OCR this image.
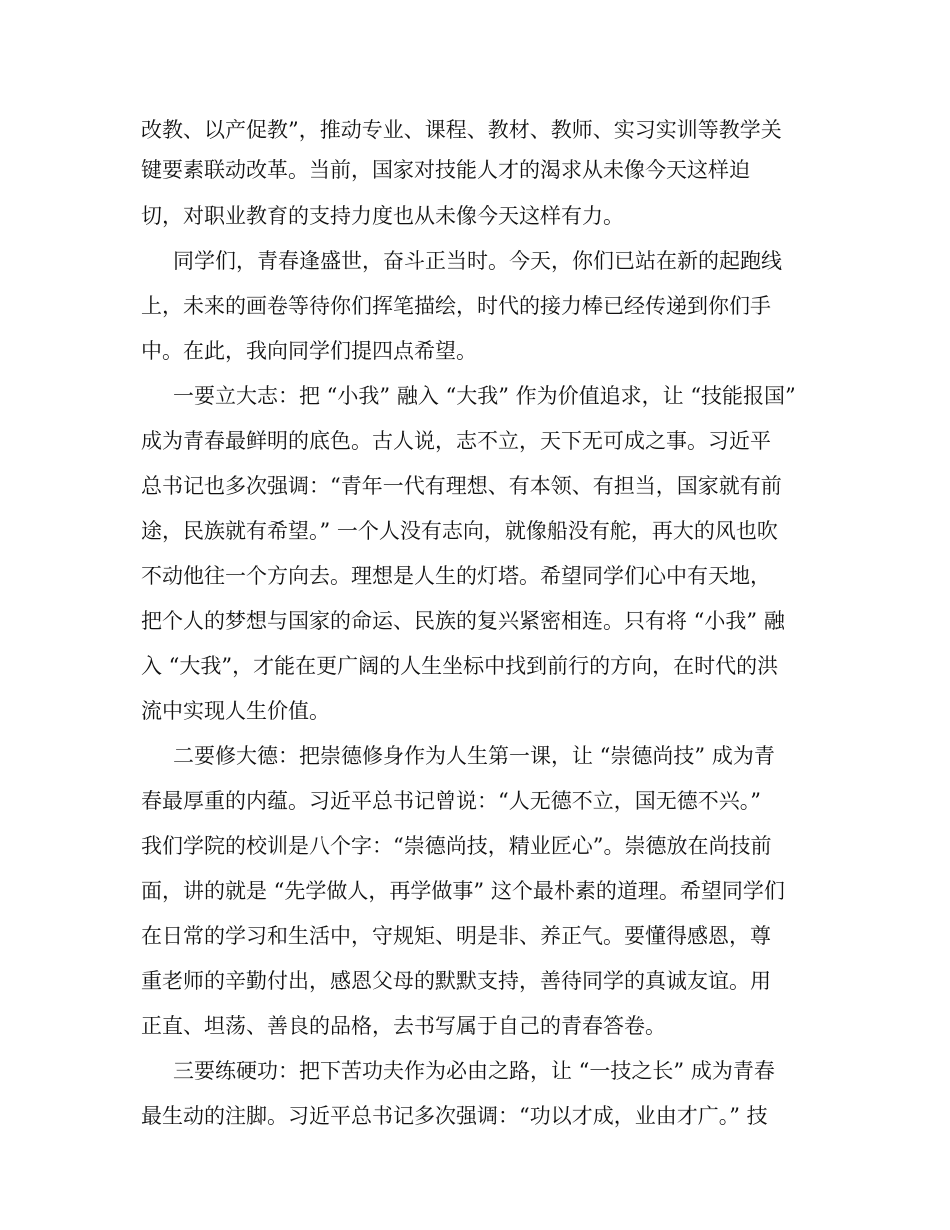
改教、以产促教”，推动专业、课程、教材、教师、实习实训等教学关
键要素联动改革。当前，国家对技能人才的渴求从未像今天这样迫
切，对职业教育的支持力度也从未像今天这样有力。
同学们，青春逢盛世，奋斗正当时。今天，你们已站在新的起跑线
上，未来的画卷等待你们挥笔描绘，时代的接力棒已经传递到你们手
中。在此，我向同学们提四点希望。
一要立大志：把 “小我” 融入 “大我” 作为价值追求，让 “技能报国”
成为青春最鲜明的底色。古人说，志不立，天下无可成之事。习近平
总书记也多次强调：“青年一代有理想、有本领、有担当，国家就有前
途，民族就有希望。” 一个人没有志向，就像船没有舵，再大的风也吹
不动他往一个方向去。理想是人生的灯塔。希望同学们心中有天地，
把个人的梦想与国家的命运、民族的复兴紧密相连。只有将 “小我” 融
入 “大我”，才能在更广阔的人生坐标中找到前行的方向，在时代的洪
流中实现人生价值。
二要修大德：把崇德修身作为人生第一课，让 “崇德尚技” 成为青
春最厚重的内蕴。习近平总书记曾说：“人无德不立，国无德不兴。”
我们学院的校训是八个字：“崇德尚技，精业匠心”。崇德放在尚技前
面，讲的就是 “先学做人，再学做事” 这个最朴素的道理。希望同学们
在日常的学习和生活中，守规矩、明是非、养正气。要懂得感恩，尊
重老师的辛勤付出，感恩父母的默默支持，善待同学的真诚友谊。用
正直、坦荡、善良的品格，去书写属于自己的青春答卷。
三要练硬功：把下苦功夫作为必由之路，让 “一技之长” 成为青春
最生动的注脚。习近平总书记多次强调：“功以才成，业由才广。” 技
